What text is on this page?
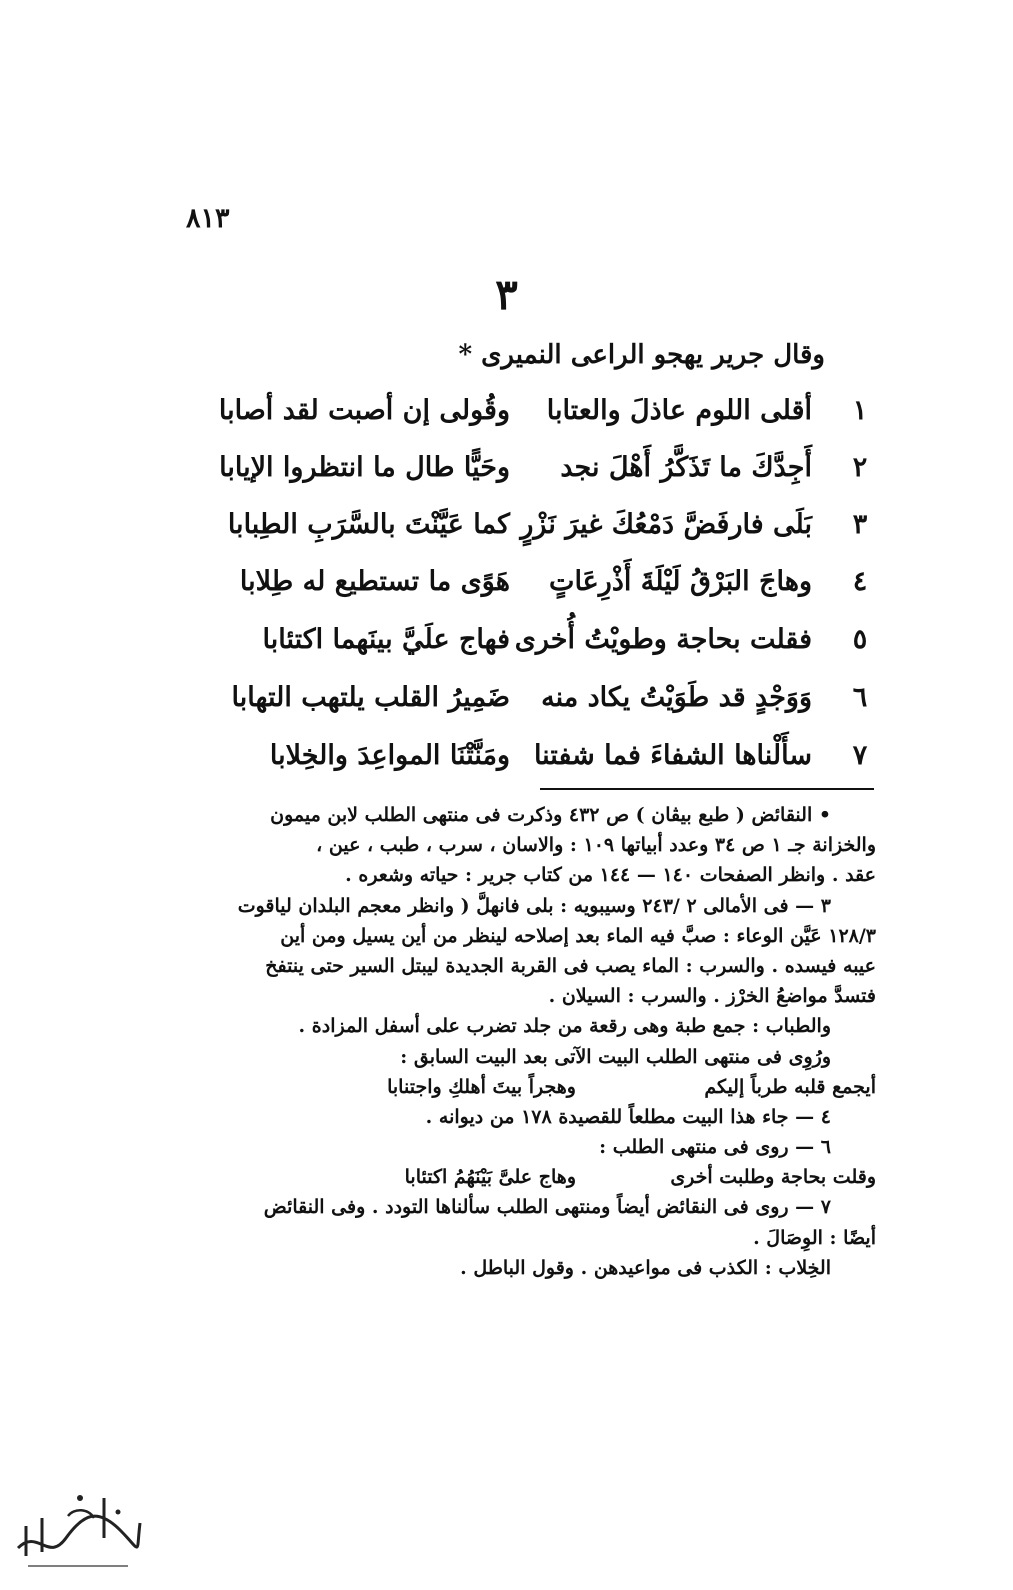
٨١٣
٣
وقال جرير يهجو الراعى النميرى *
١
أقلى اللوم عاذلَ والعتابا
وقُولى إن أصبت لقد أصابا
٢
أَجِدَّكَ ما تَذَكَّرُ أَهْلَ نجد
وحَيًّا طال ما انتظروا الإيابا
٣
بَلَى فارفَضَّ دَمْعُكَ غيرَ نَزْرٍ
كما عَيَّنْتَ بالسَّرَبِ الطِبابا
٤
وهاجَ البَرْقُ لَيْلَةَ أَذْرِعَاتٍ
هَوًى ما تستطيع له طِلابا
٥
فقلت بحاجة وطويْتُ أُخرى
فهاج علَيَّ بينَهما اكتئابا
٦
وَوَجْدٍ قد طَوَيْتُ يكاد منه
ضَمِيرُ القلب يلتهب التهابا
٧
سأَلْناها الشفاءَ فما شفتنا
ومَنَّتْنَا المواعِدَ والخِلابا
• النقائض ( طبع بيڤان ) ص ٤٣٢ وذكرت فى منتهى الطلب لابن ميمون
والخزانة جـ ١ ص ٣٤ وعدد أبياتها ١٠٩ : والاسان ، سرب ، طبب ، عين ،
عقد . وانظر الصفحات ١٤٠ — ١٤٤ من كتاب جرير : حياته وشعره .
٣ — فى الأمالى ٢ /٢٤٣ وسيبويه : بلى فانهلَّ ( وانظر معجم البلدان لياقوت
١٢٨/٣ عَيَّن الوعاء : صبَّ فيه الماء بعد إصلاحه لينظر من أين يسيل ومن أين
عيبه فيسده . والسرب : الماء يصب فى القربة الجديدة ليبتل السير حتى ينتفخ
فتسدَّ مواضعُ الخرْز . والسرب : السيلان .
والطباب : جمع طبة وهى رقعة من جلد تضرب على أسفل المزادة .
ورُوِى فى منتهى الطلب البيت الآتى بعد البيت السابق :
أيجمع قلبه طرباً إليكموهجراً بيتَ أهلكِ واجتنابا
٤ — جاء هذا البيت مطلعاً للقصيدة ١٧٨ من ديوانه .
٦ — روى فى منتهى الطلب :
وقلت بحاجة وطلبت أخرىوهاج علىَّ بَيْنَهُمُ اكتئابا
٧ — روى فى النقائض أيضاً ومنتهى الطلب سألناها التودد . وفى النقائض
أيضًا : الوِصَالَ .
الخِلاب : الكذب فى مواعيدهن . وقول الباطل .
